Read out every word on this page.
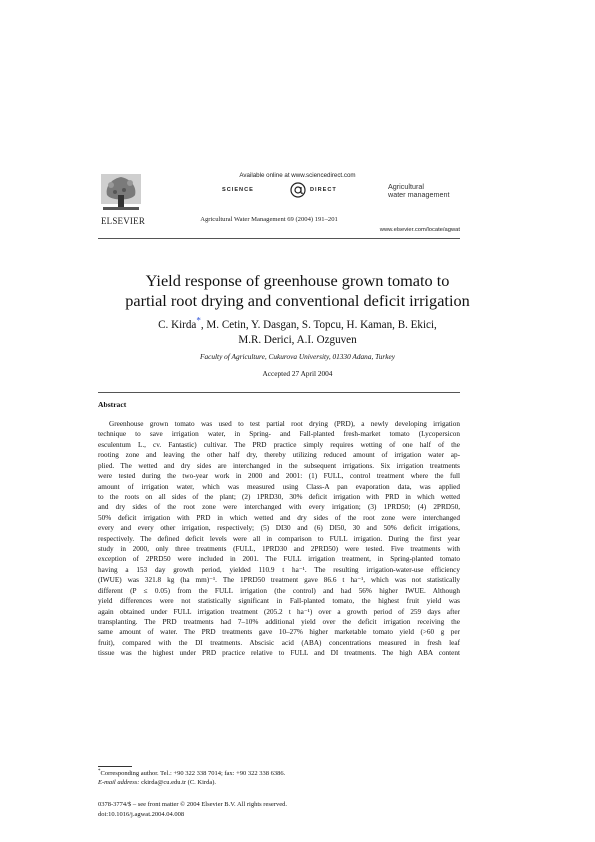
ELSEVIER
Available online at www.sciencedirect.com
SCIENCE	DIRECT
Agricultural Water Management 69 (2004) 191–201
Agricultural
water management
www.elsevier.com/locate/agwat
Yield response of greenhouse grown tomato to
partial root drying and conventional deficit irrigation
C. Kirda*, M. Cetin, Y. Dasgan, S. Topcu, H. Kaman, B. Ekici,
M.R. Derici, A.I. Ozguven
Faculty of Agriculture, Cukurova University, 01330 Adana, Turkey
Accepted 27 April 2004
Abstract
Greenhouse grown tomato was used to test partial root drying (PRD), a newly developing irrigation
technique to save irrigation water, in Spring- and Fall-planted fresh-market tomato (Lycopersicon
esculentum L., cv. Fantastic) cultivar. The PRD practice simply requires wetting of one half of the
rooting zone and leaving the other half dry, thereby utilizing reduced amount of irrigation water ap-
plied. The wetted and dry sides are interchanged in the subsequent irrigations. Six irrigation treatments
were tested during the two-year work in 2000 and 2001: (1) FULL, control treatment where the full
amount of irrigation water, which was measured using Class-A pan evaporation data, was applied
to the roots on all sides of the plant; (2) 1PRD30, 30% deficit irrigation with PRD in which wetted
and dry sides of the root zone were interchanged with every irrigation; (3) 1PRD50; (4) 2PRD50,
50% deficit irrigation with PRD in which wetted and dry sides of the root zone were interchanged
every and every other irrigation, respectively; (5) DI30 and (6) DI50, 30 and 50% deficit irrigations,
respectively. The defined deficit levels were all in comparison to FULL irrigation. During the first year
study in 2000, only three treatments (FULL, 1PRD30 and 2PRD50) were tested. Five treatments with
exception of 2PRD50 were included in 2001. The FULL irrigation treatment, in Spring-planted tomato
having a 153 day growth period, yielded 110.9 t ha⁻¹. The resulting irrigation-water-use efficiency
(IWUE) was 321.8 kg (ha mm)⁻¹. The 1PRD50 treatment gave 86.6 t ha⁻¹, which was not statistically
different (P ≤ 0.05) from the FULL irrigation (the control) and had 56% higher IWUE. Although
yield differences were not statistically significant in Fall-planted tomato, the highest fruit yield was
again obtained under FULL irrigation treatment (205.2 t ha⁻¹) over a growth period of 259 days after
transplanting. The PRD treatments had 7–10% additional yield over the deficit irrigation receiving the
same amount of water. The PRD treatments gave 10–27% higher marketable tomato yield (>60 g per
fruit), compared with the DI treatments. Abscisic acid (ABA) concentrations measured in fresh leaf
tissue was the highest under PRD practice relative to FULL and DI treatments. The high ABA content
*Corresponding author. Tel.: +90 322 338 7014; fax: +90 322 338 6386.
E-mail address: ckirda@cu.edu.tr (C. Kirda).
0378-3774/$ – see front matter © 2004 Elsevier B.V. All rights reserved.
doi:10.1016/j.agwat.2004.04.008
